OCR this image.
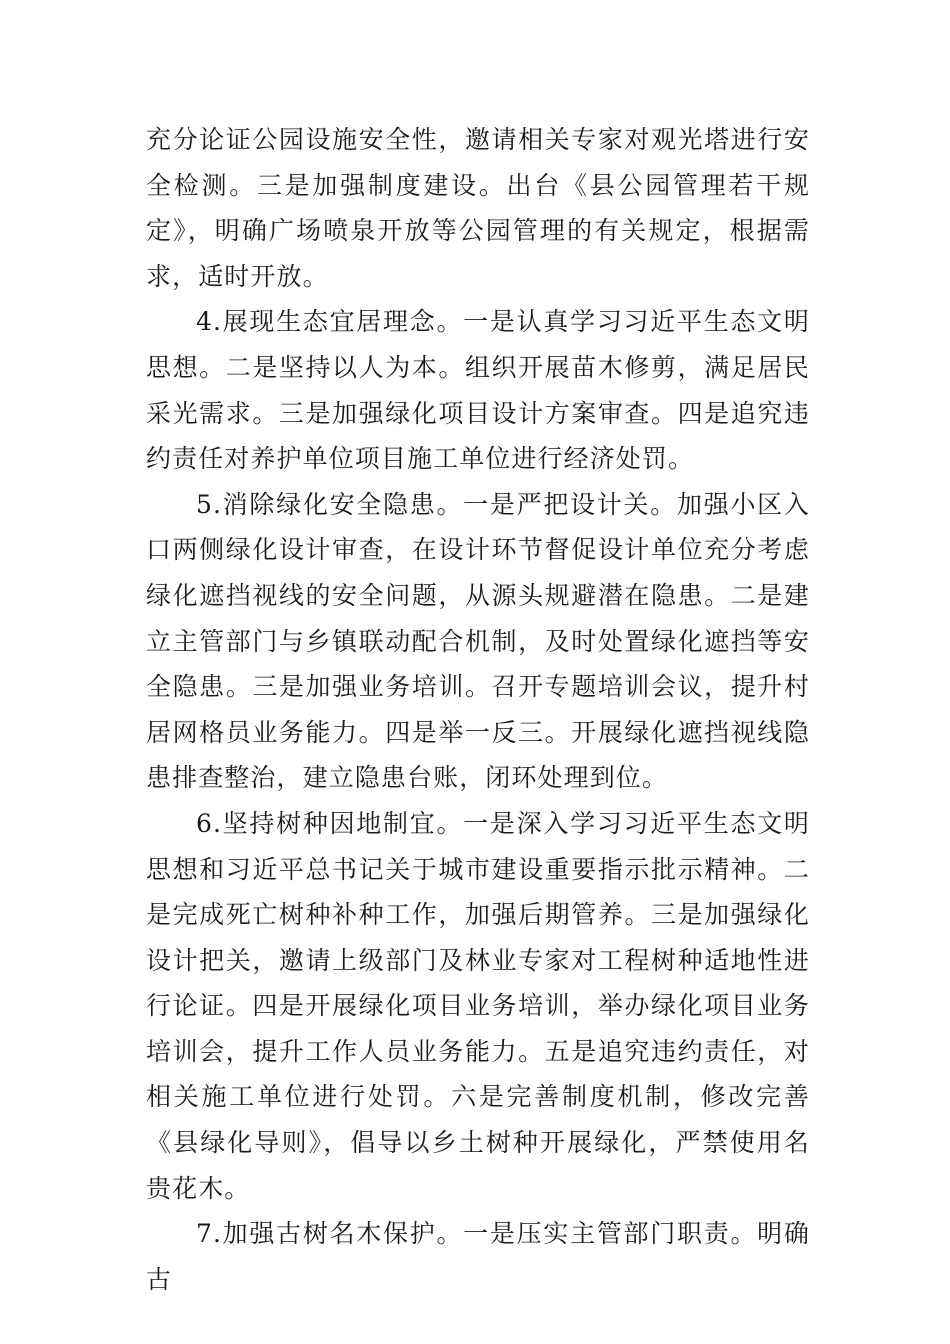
充分论证公园设施安全性，邀请相关专家对观光塔进行安全检测。三是加强制度建设。出台《县公园管理若干规定》，明确广场喷泉开放等公园管理的有关规定，根据需求，适时开放。

4.展现生态宜居理念。一是认真学习习近平生态文明思想。二是坚持以人为本。组织开展苗木修剪，满足居民采光需求。三是加强绿化项目设计方案审查。四是追究违约责任对养护单位项目施工单位进行经济处罚。

5.消除绿化安全隐患。一是严把设计关。加强小区入口两侧绿化设计审查，在设计环节督促设计单位充分考虑绿化遮挡视线的安全问题，从源头规避潜在隐患。二是建立主管部门与乡镇联动配合机制，及时处置绿化遮挡等安全隐患。三是加强业务培训。召开专题培训会议，提升村居网格员业务能力。四是举一反三。开展绿化遮挡视线隐患排查整治，建立隐患台账，闭环处理到位。

6.坚持树种因地制宜。一是深入学习习近平生态文明思想和习近平总书记关于城市建设重要指示批示精神。二是完成死亡树种补种工作，加强后期管养。三是加强绿化设计把关，邀请上级部门及林业专家对工程树种适地性进行论证。四是开展绿化项目业务培训，举办绿化项目业务培训会，提升工作人员业务能力。五是追究违约责任，对相关施工单位进行处罚。六是完善制度机制，修改完善《县绿化导则》，倡导以乡土树种开展绿化，严禁使用名贵花木。

7.加强古树名木保护。一是压实主管部门职责。明确古
